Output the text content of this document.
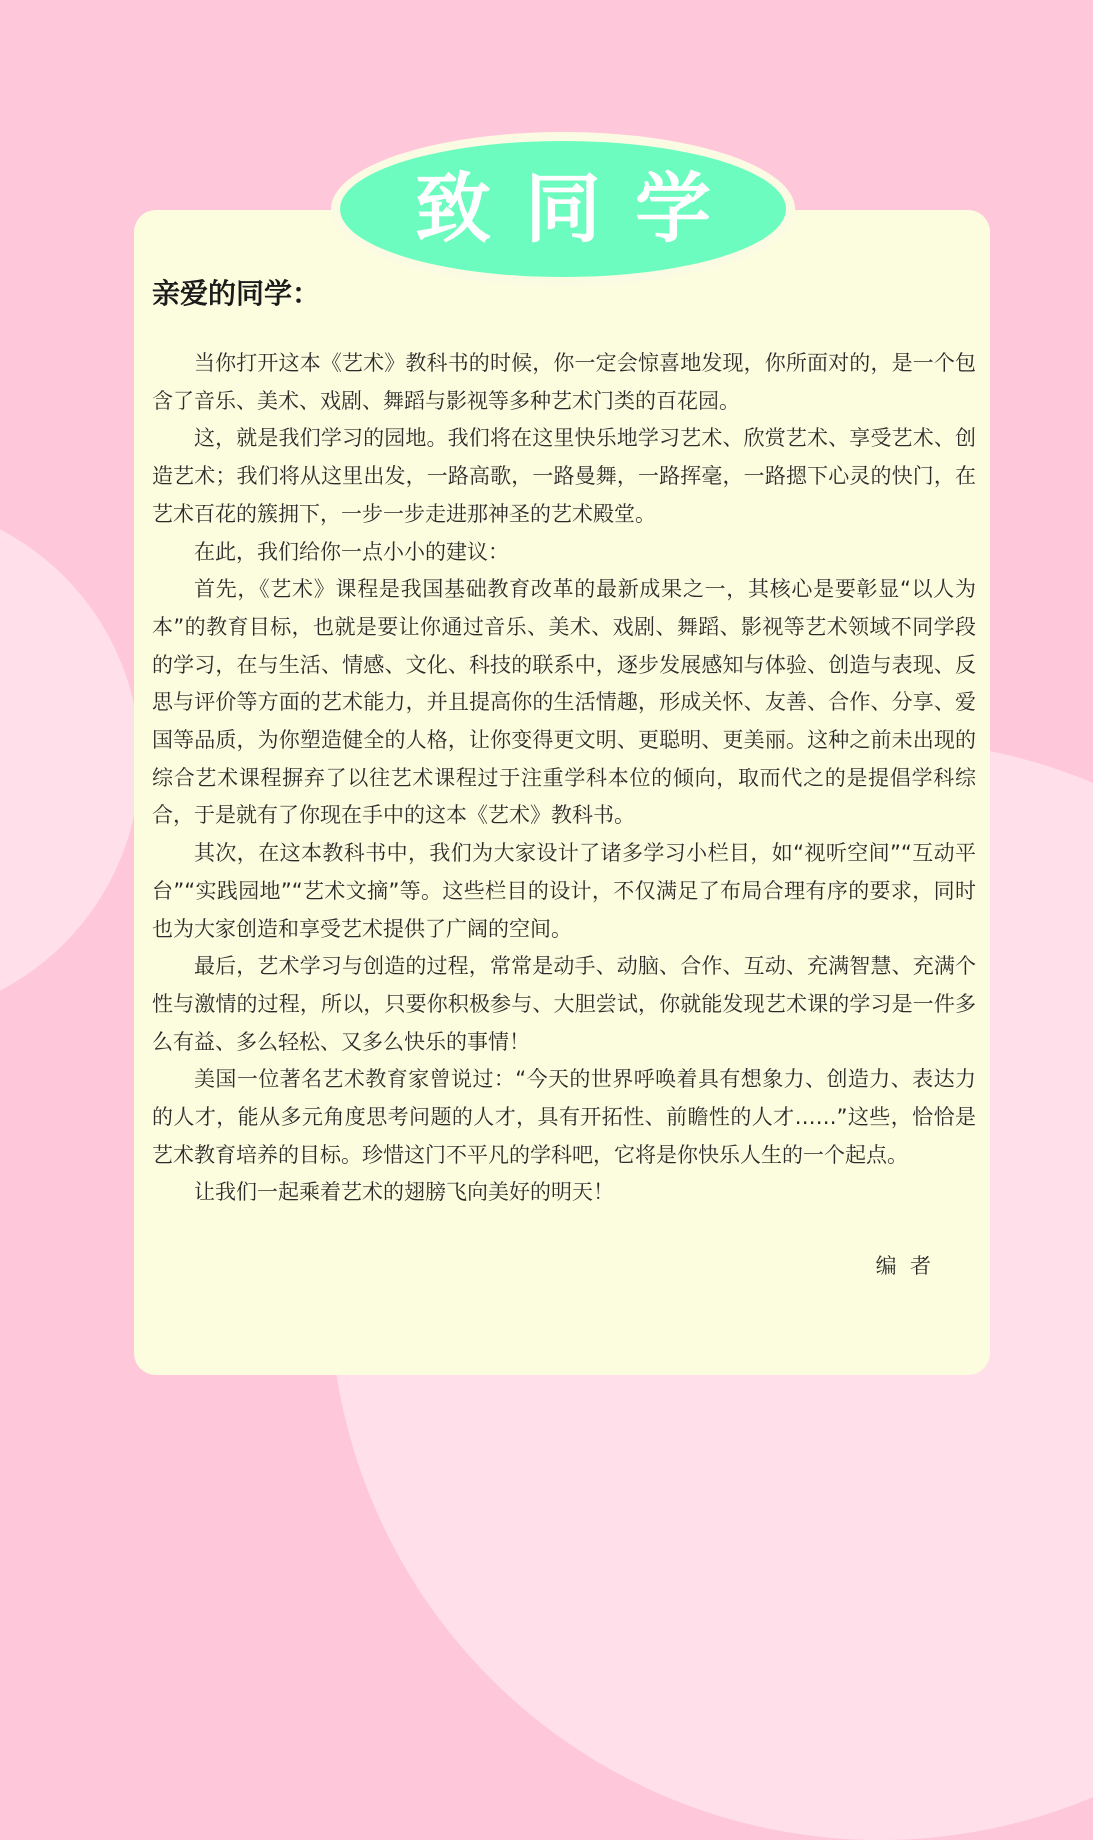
致同学
亲爱的同学：

当你打开这本《艺术》教科书的时候，你一定会惊喜地发现，你所面对的，是一个包含了音乐、美术、戏剧、舞蹈与影视等多种艺术门类的百花园。

这，就是我们学习的园地。我们将在这里快乐地学习艺术、欣赏艺术、享受艺术、创造艺术；我们将从这里出发，一路高歌，一路曼舞，一路挥毫，一路摁下心灵的快门，在艺术百花的簇拥下，一步一步走进那神圣的艺术殿堂。

在此，我们给你一点小小的建议：

首先，《艺术》课程是我国基础教育改革的最新成果之一，其核心是要彰显“以人为本”的教育目标，也就是要让你通过音乐、美术、戏剧、舞蹈、影视等艺术领域不同学段的学习，在与生活、情感、文化、科技的联系中，逐步发展感知与体验、创造与表现、反思与评价等方面的艺术能力，并且提高你的生活情趣，形成关怀、友善、合作、分享、爱国等品质，为你塑造健全的人格，让你变得更文明、更聪明、更美丽。这种之前未出现的综合艺术课程摒弃了以往艺术课程过于注重学科本位的倾向，取而代之的是提倡学科综合，于是就有了你现在手中的这本《艺术》教科书。

其次，在这本教科书中，我们为大家设计了诸多学习小栏目，如“视听空间”“互动平台”“实践园地”“艺术文摘”等。这些栏目的设计，不仅满足了布局合理有序的要求，同时也为大家创造和享受艺术提供了广阔的空间。

最后，艺术学习与创造的过程，常常是动手、动脑、合作、互动、充满智慧、充满个性与激情的过程，所以，只要你积极参与、大胆尝试，你就能发现艺术课的学习是一件多么有益、多么轻松、又多么快乐的事情！

美国一位著名艺术教育家曾说过：“今天的世界呼唤着具有想象力、创造力、表达力的人才，能从多元角度思考问题的人才，具有开拓性、前瞻性的人才……”这些，恰恰是艺术教育培养的目标。珍惜这门不平凡的学科吧，它将是你快乐人生的一个起点。

让我们一起乘着艺术的翅膀飞向美好的明天！

编  者
